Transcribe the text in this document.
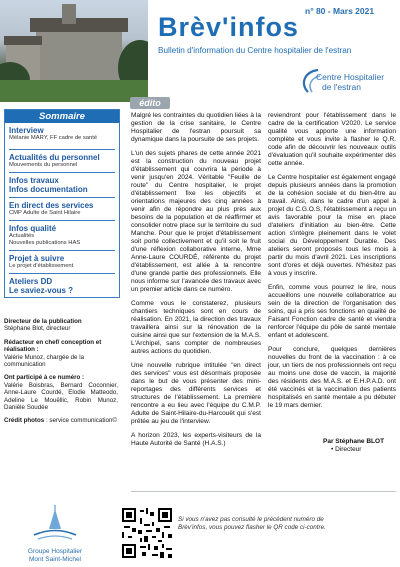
n° 80 - Mars 2021
Brèv'infos
Bulletin d'information du Centre hospitalier de l'estran
Centre Hospitalier
de l'estran
édito
Sommaire
Interview
Mélanie MARY, FF cadre de santé
Actualités du personnel
Mouvements du personnel
Infos travaux
Infos documentation
En direct des services
CMP Adulte de Saint Hilaire
Infos qualité
Actualités
Nouvelles publications HAS
Projet à suivre
Le projet d'établissement
Ateliers DD
Le saviez-vous ?
Directeur de la publication
Stéphane Blot, directeur
Rédacteur en chef/ conception et réalisation :
Valérie Munoz, chargée de la communication
Ont participé à ce numéro :
Valérie Boisbras, Bernard Coconnier, Anne-Laure Courdé, Elodie Matteodo, Adeline Le Mouëllic, Robin Munoz, Danièle Soudée
Crédit photos : service communication©
Groupe Hospitalier
Mont Saint-Michel

Malgré les contraintes du quotidien liées à la gestion de la crise sanitaire, le Centre Hospitalier de l'estran poursuit sa dynamique dans la poursuite de ses projets.

L'un des sujets phares de cette année 2021 est la construction du nouveau projet d'établissement qui couvrira la période à venir jusqu'en 2024. Véritable "Feuille de route" du Centre hospitalier, le projet d'établissement fixe les objectifs et orientations majeures des cinq années à venir afin de répondre au plus près aux besoins de la population et de réaffirmer et consolider notre place sur le territoire du sud Manche. Pour que le projet d'établissement soit porté collectivement et qu'il soit le fruit d'une réflexion collaborative interne, Mme Anne-Laure COURDÉ, référente du projet d'établissement, est allée à la rencontre d'une grande partie des professionnels. Elle nous informe sur l'avancée des travaux avec un premier article dans ce numéro.

Comme vous le constaterez, plusieurs chantiers techniques sont en cours de réalisation. En 2021, la direction des travaux travaillera ainsi sur la rénovation de la cuisine ainsi que sur l'extension de la M.A.S. L'Archipel, sans compter de nombreuses autres actions du quotidien.

Une nouvelle rubrique intitulée "en direct des services" vous est désormais proposée dans le but de vous présenter des mini-reportages des différents services et structures de l'établissement. La première rencontre a eu lieu avec l'équipe du C.M.P. Adulte de Saint-Hilaire-du-Harcouët qui s'est prêtée au jeu de l'interview.

A horizon 2023, les experts-visiteurs de la Haute Autorité de Santé (H.A.S.)

reviendront pour l'établissement dans le cadre de la certification V2020. Le service qualité vous apporte une information complète et vous invite à flasher le Q.R. code afin de découvrir les nouveaux outils d'évaluation qu'il souhaite expérimenter dès cette année.

Le Centre hospitalier est également engagé depuis plusieurs années dans la promotion de la cohésion sociale et du bien-être au travail. Ainsi, dans le cadre d'un appel à projet du C.G.O.S, l'établissement a reçu un avis favorable pour la mise en place d'ateliers d'initiation au bien-être. Cette action s'intègre pleinement dans le volet social du Développement Durable. Des ateliers seront proposés tous les mois à partir du mois d'avril 2021. Les inscriptions sont d'ores et déjà ouvertes. N'hésitez pas à vous y inscrire.

Enfin, comme vous pourrez le lire, nous accueillons une nouvelle collaboratrice au sein de la direction de l'organisation des soins, qui a pris ses fonctions en qualité de Faisant Fonction cadre de santé et viendra renforcer l'équipe du pôle de santé mentale enfant et adolescent.

Pour conclure, quelques dernières nouvelles du front de la vaccination : à ce jour, un tiers de nos professionnels ont reçu au moins une dose de vaccin, la majorité des résidents des M.A.S. et E.H.P.A.D. ont été vaccinés et la vaccination des patients hospitalisés en santé mentale a pu débuter le 19 mars dernier.

Par Stéphane BLOT
• Directeur
Si vous n'avez pas consulté le précédent numéro de Brèv'infos, vous pouvez flasher le QR code ci-contre.
